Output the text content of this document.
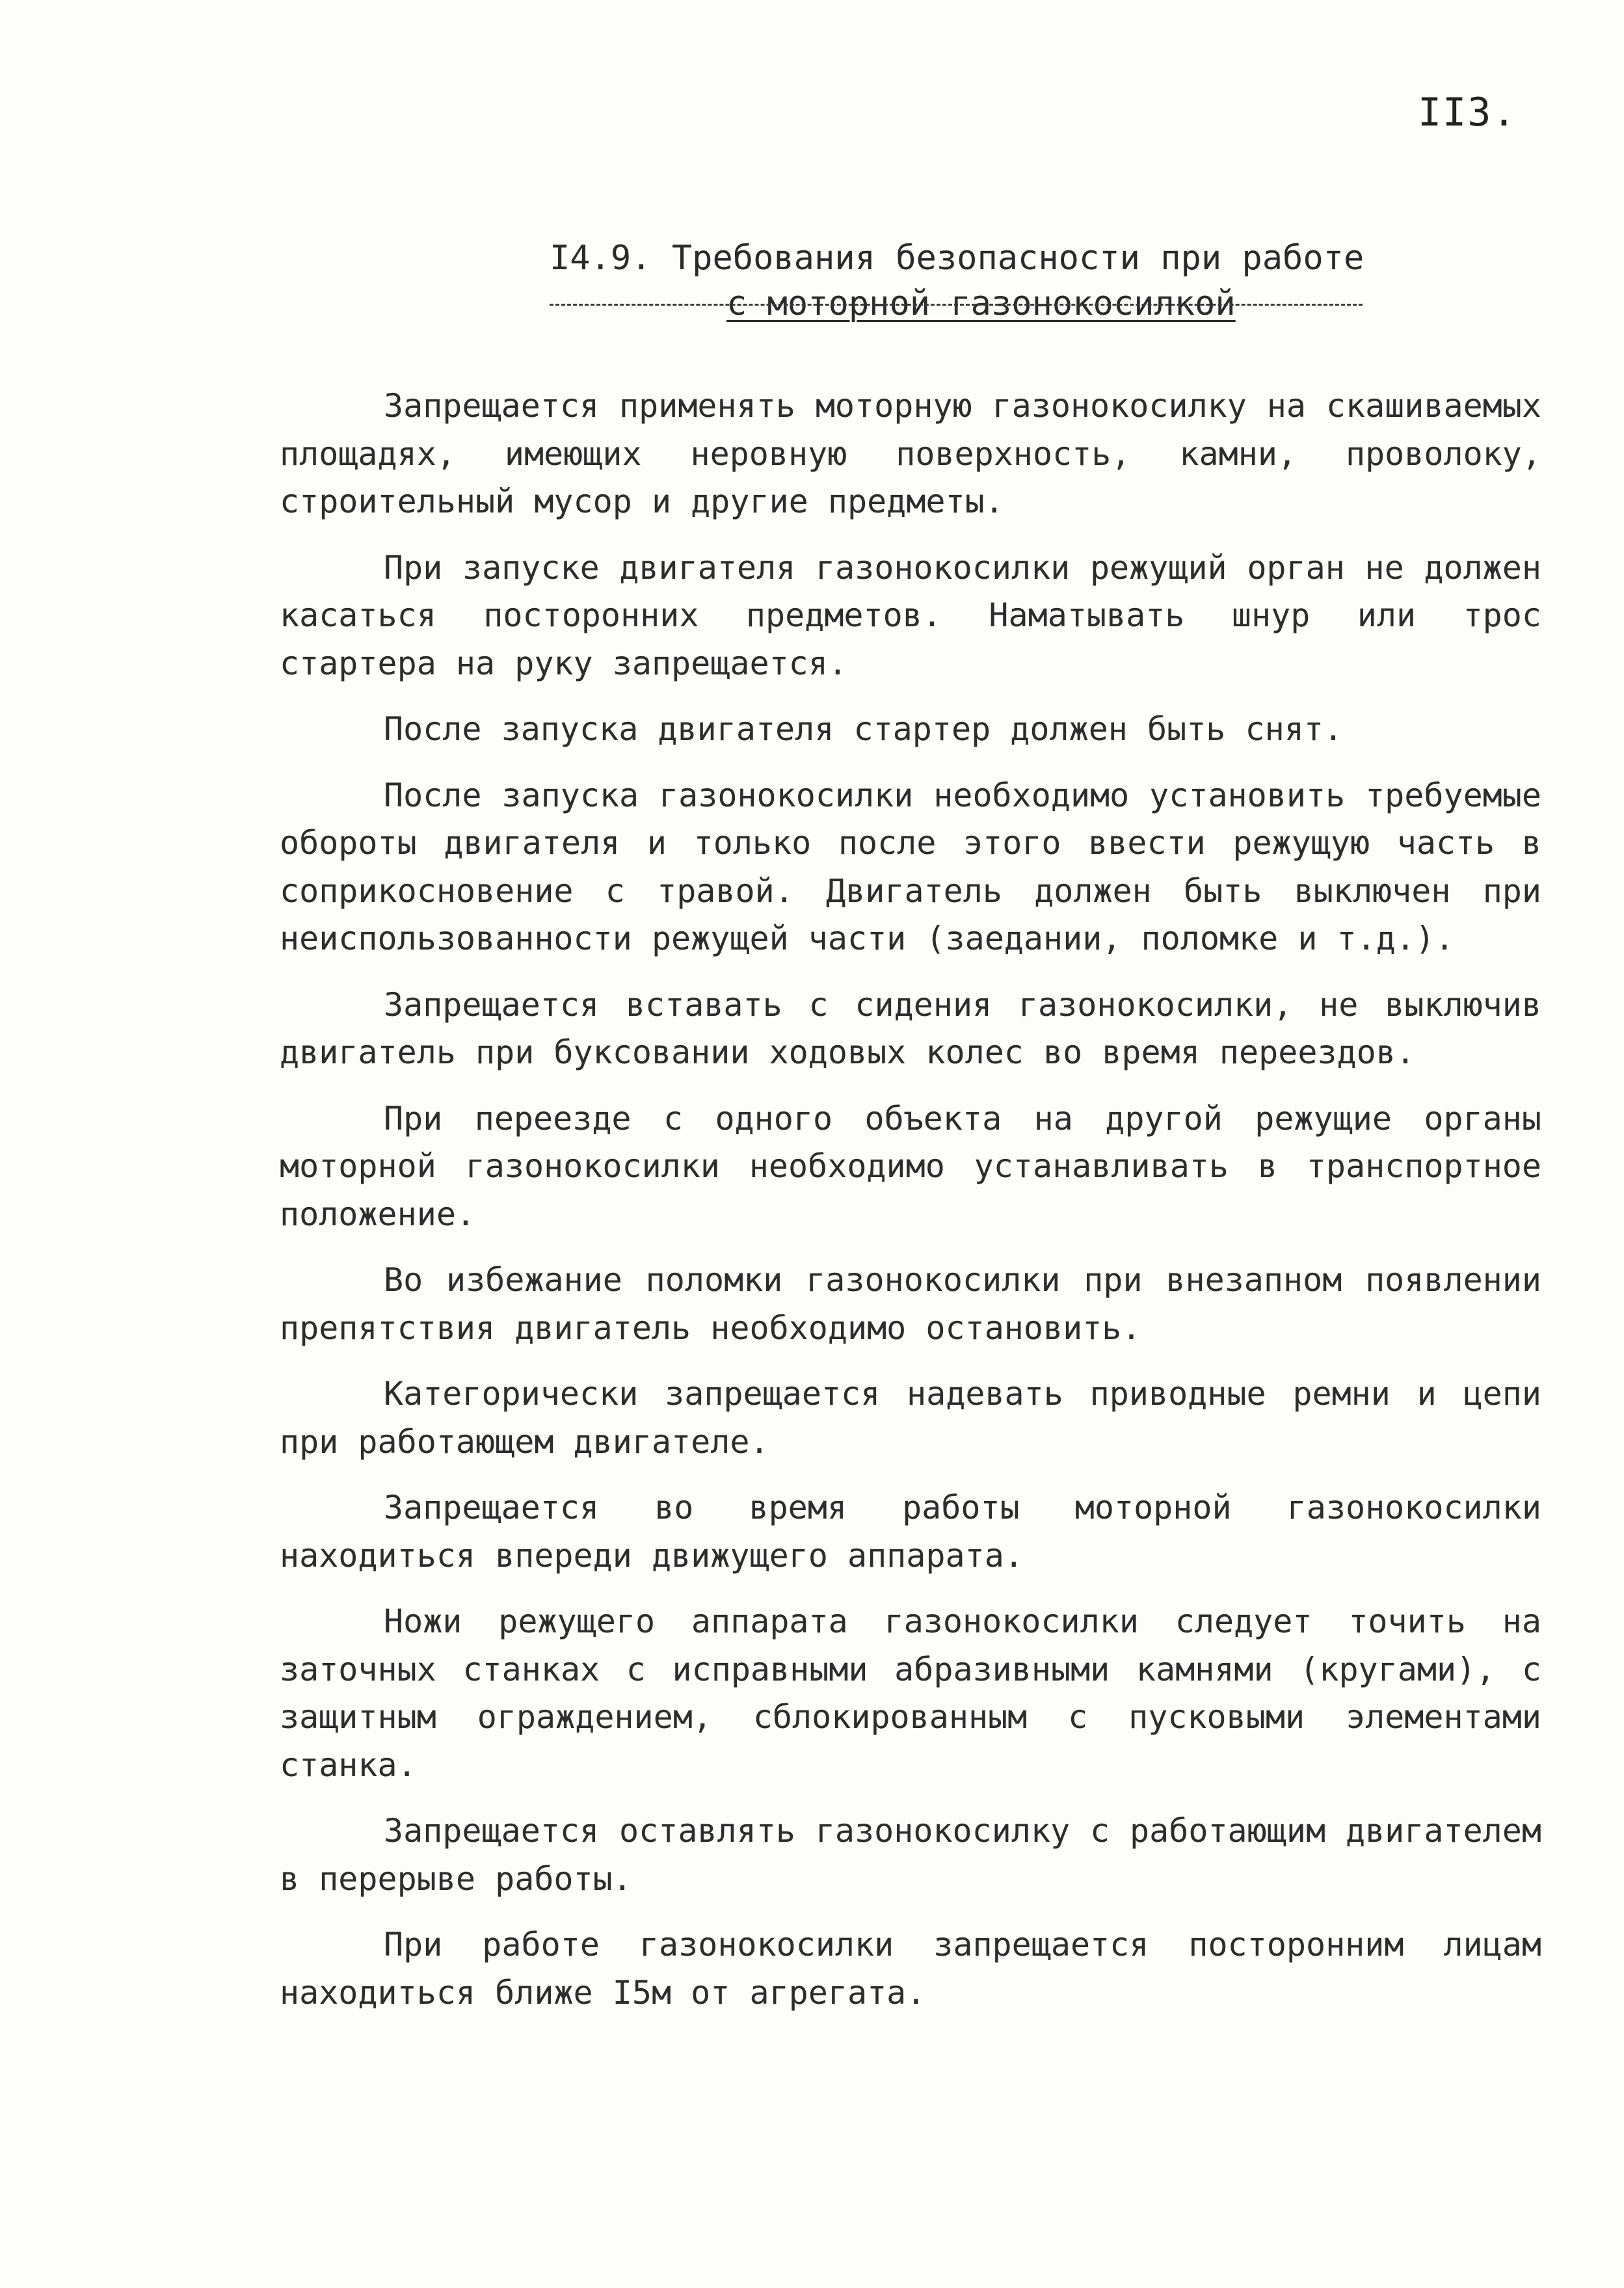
II3.
I4.9. Требования безопасности при работе
с моторной газонокосилкой

Запрещается применять моторную газонокосилку на скашиваемых площадях, имеющих неровную поверхность, камни, проволоку, строительный мусор и другие предметы.

При запуске двигателя газонокосилки режущий орган не должен касаться посторонних предметов. Наматывать шнур или трос стартера на руку запрещается.

После запуска двигателя стартер должен быть снят.

После запуска газонокосилки необходимо установить требуемые обороты двигателя и только после этого ввести режущую часть в соприкосновение с травой. Двигатель должен быть выключен при неиспользованности режущей части (заедании, поломке и т.д.).

Запрещается вставать с сидения газонокосилки, не выключив двигатель при буксовании ходовых колес во время переездов.

При переезде с одного объекта на другой режущие органы моторной газонокосилки необходимо устанавливать в транспортное положение.

Во избежание поломки газонокосилки при внезапном появлении препятствия двигатель необходимо остановить.

Категорически запрещается надевать приводные ремни и цепи при работающем двигателе.

Запрещается во время работы моторной газонокосилки находиться впереди движущего аппарата.

Ножи режущего аппарата газонокосилки следует точить на заточных станках с исправными абразивными камнями (кругами), с защитным ограждением, сблокированным с пусковыми элементами станка.

Запрещается оставлять газонокосилку с работающим двигателем в перерыве работы.

При работе газонокосилки запрещается посторонним лицам находиться ближе I5м от агрегата.
